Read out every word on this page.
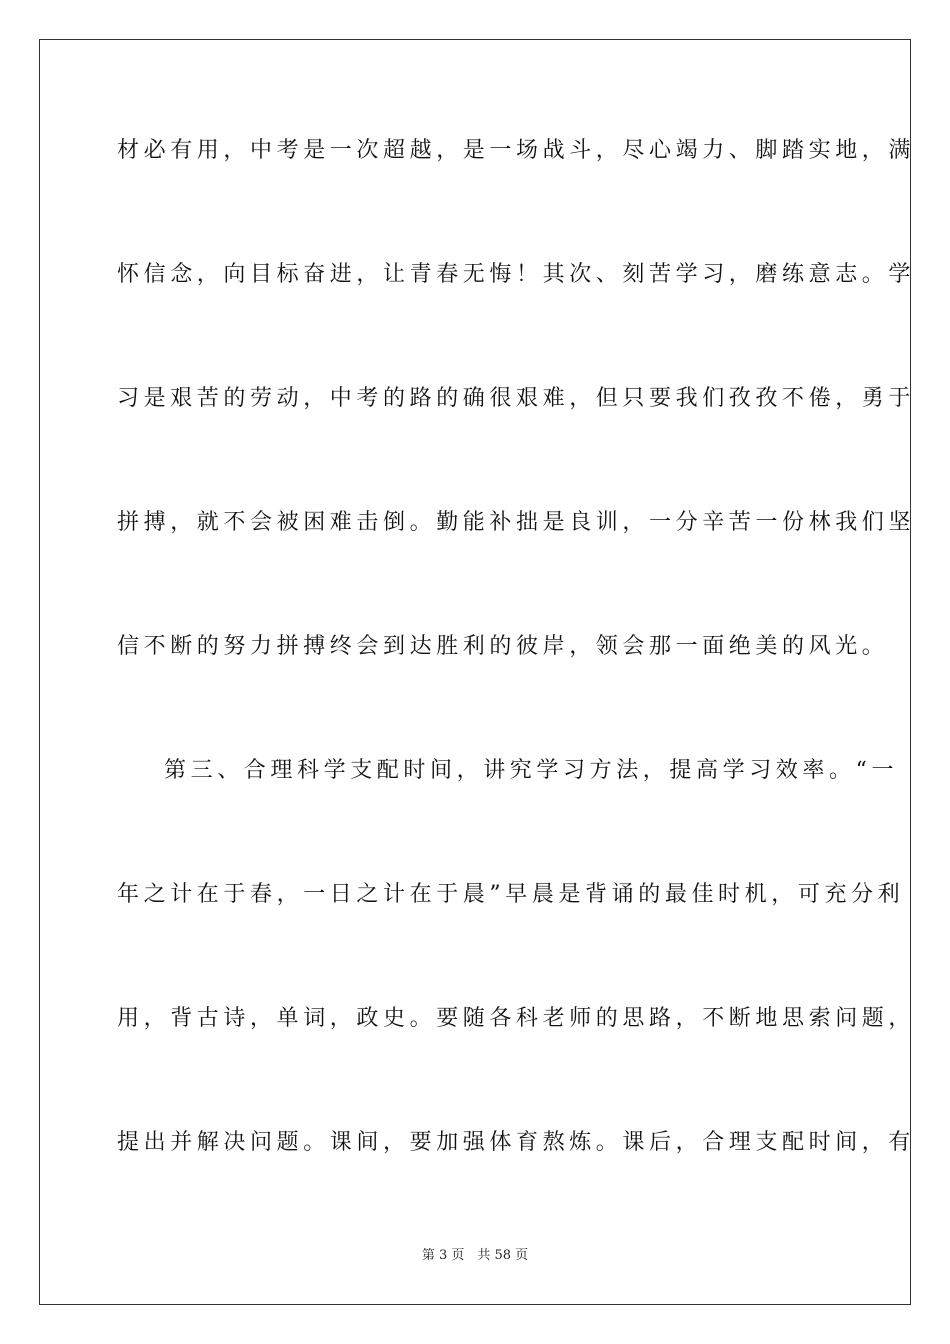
材必有用，中考是一次超越，是一场战斗，尽心竭力、脚踏实地，满
怀信念，向目标奋进，让青春无悔！其次、刻苦学习，磨练意志。学
习是艰苦的劳动，中考的路的确很艰难，但只要我们孜孜不倦，勇于
拼搏，就不会被困难击倒。勤能补拙是良训，一分辛苦一份林我们坚
信不断的努力拼搏终会到达胜利的彼岸，领会那一面绝美的风光。
第三、合理科学支配时间，讲究学习方法，提高学习效率。“一
年之计在于春，一日之计在于晨”早晨是背诵的最佳时机，可充分利
用，背古诗，单词，政史。要随各科老师的思路，不断地思索问题，
提出并解决问题。课间，要加强体育熬炼。课后，合理支配时间，有
第 3 页　共 58 页
